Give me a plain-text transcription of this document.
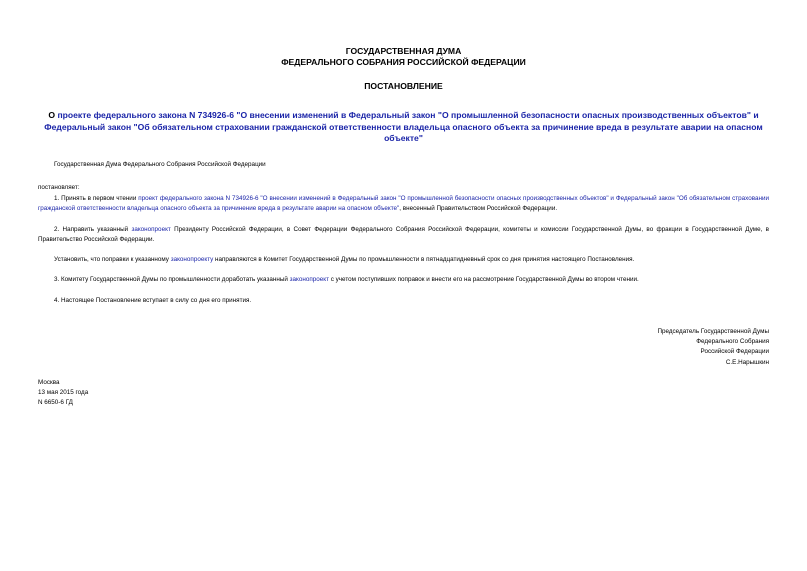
ГОСУДАРСТВЕННАЯ ДУМА
ФЕДЕРАЛЬНОГО СОБРАНИЯ РОССИЙСКОЙ ФЕДЕРАЦИИ
ПОСТАНОВЛЕНИЕ
О проекте федерального закона N 734926-6 "О внесении изменений в Федеральный закон "О промышленной безопасности опасных производственных объектов" и Федеральный закон "Об обязательном страховании гражданской ответственности владельца опасного объекта за причинение вреда в результате аварии на опасном объекте"
Государственная Дума Федерального Собрания Российской Федерации
постановляет:
1. Принять в первом чтении проект федерального закона N 734926-6 "О внесении изменений в Федеральный закон "О промышленной безопасности опасных производственных объектов" и Федеральный закон "Об обязательном страховании гражданской ответственности владельца опасного объекта за причинение вреда в результате аварии на опасном объекте", внесенный Правительством Российской Федерации.
2. Направить указанный законопроект Президенту Российской Федерации, в Совет Федерации Федерального Собрания Российской Федерации, комитеты и комиссии Государственной Думы, во фракции в Государственной Думе, в Правительство Российской Федерации.
Установить, что поправки к указанному законопроекту направляются в Комитет Государственной Думы по промышленности в пятнадцатидневный срок со дня принятия настоящего Постановления.
3. Комитету Государственной Думы по промышленности доработать указанный законопроект с учетом поступивших поправок и внести его на рассмотрение Государственной Думы во втором чтении.
4. Настоящее Постановление вступает в силу со дня его принятия.
Председатель Государственной Думы
Федерального Собрания
Российской Федерации
С.Е.Нарышкин
Москва
13 мая 2015 года
N 6650-6 ГД
